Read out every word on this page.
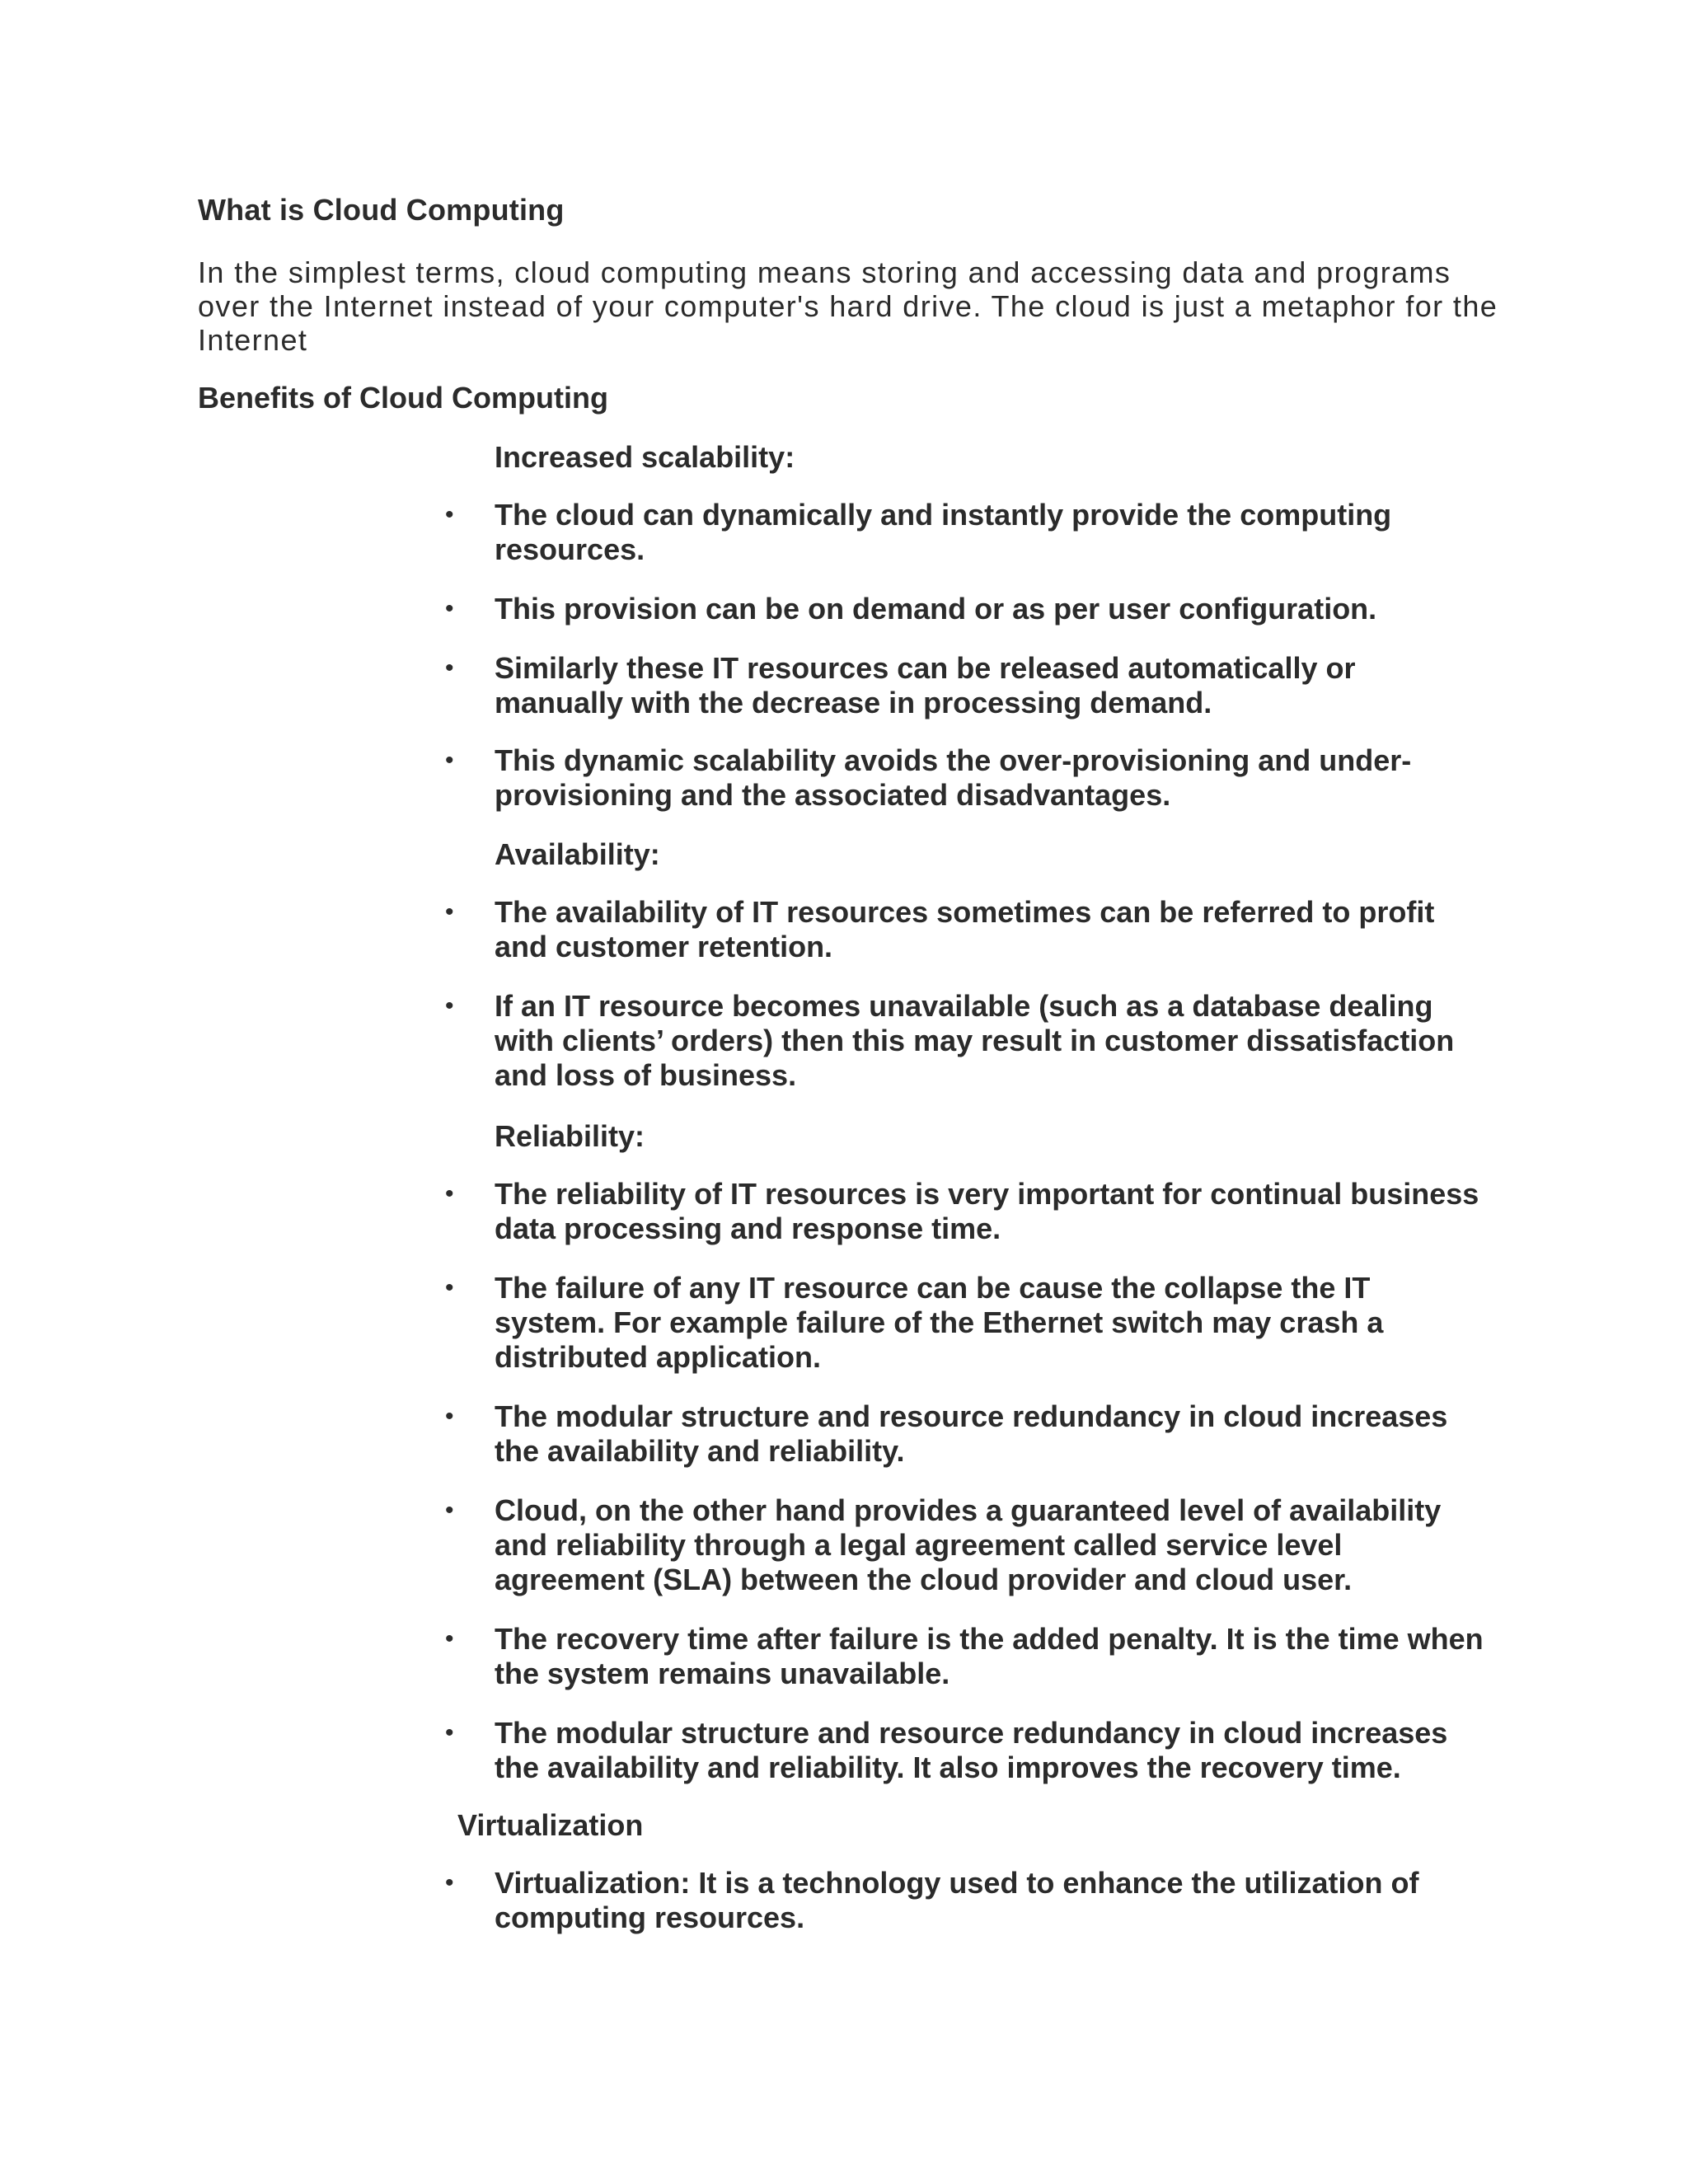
What is Cloud Computing

In the simplest terms, cloud computing means storing and accessing data and programs over the Internet instead of your computer's hard drive. The cloud is just a metaphor for the Internet

Benefits of Cloud Computing
Increased scalability:

• The cloud can dynamically and instantly provide the computing resources.

• This provision can be on demand or as per user configuration.

• Similarly these IT resources can be released automatically or manually with the decrease in processing demand.

• This dynamic scalability avoids the over-provisioning and under-provisioning and the associated disadvantages.

Availability:

• The availability of IT resources sometimes can be referred to profit and customer retention.

• If an IT resource becomes unavailable (such as a database dealing with clients’ orders) then this may result in customer dissatisfaction and loss of business.

Reliability:

• The reliability of IT resources is very important for continual business data processing and response time.

• The failure of any IT resource can be cause the collapse the IT system. For example failure of the Ethernet switch may crash a distributed application.

• The modular structure and resource redundancy in cloud increases the availability and reliability.

• Cloud, on the other hand provides a guaranteed level of availability and reliability through a legal agreement called service level agreement (SLA) between the cloud provider and cloud user.

• The recovery time after failure is the added penalty. It is the time when the system remains unavailable.

• The modular structure and resource redundancy in cloud increases the availability and reliability. It also improves the recovery time.

Virtualization

• Virtualization: It is a technology used to enhance the utilization of computing resources.
